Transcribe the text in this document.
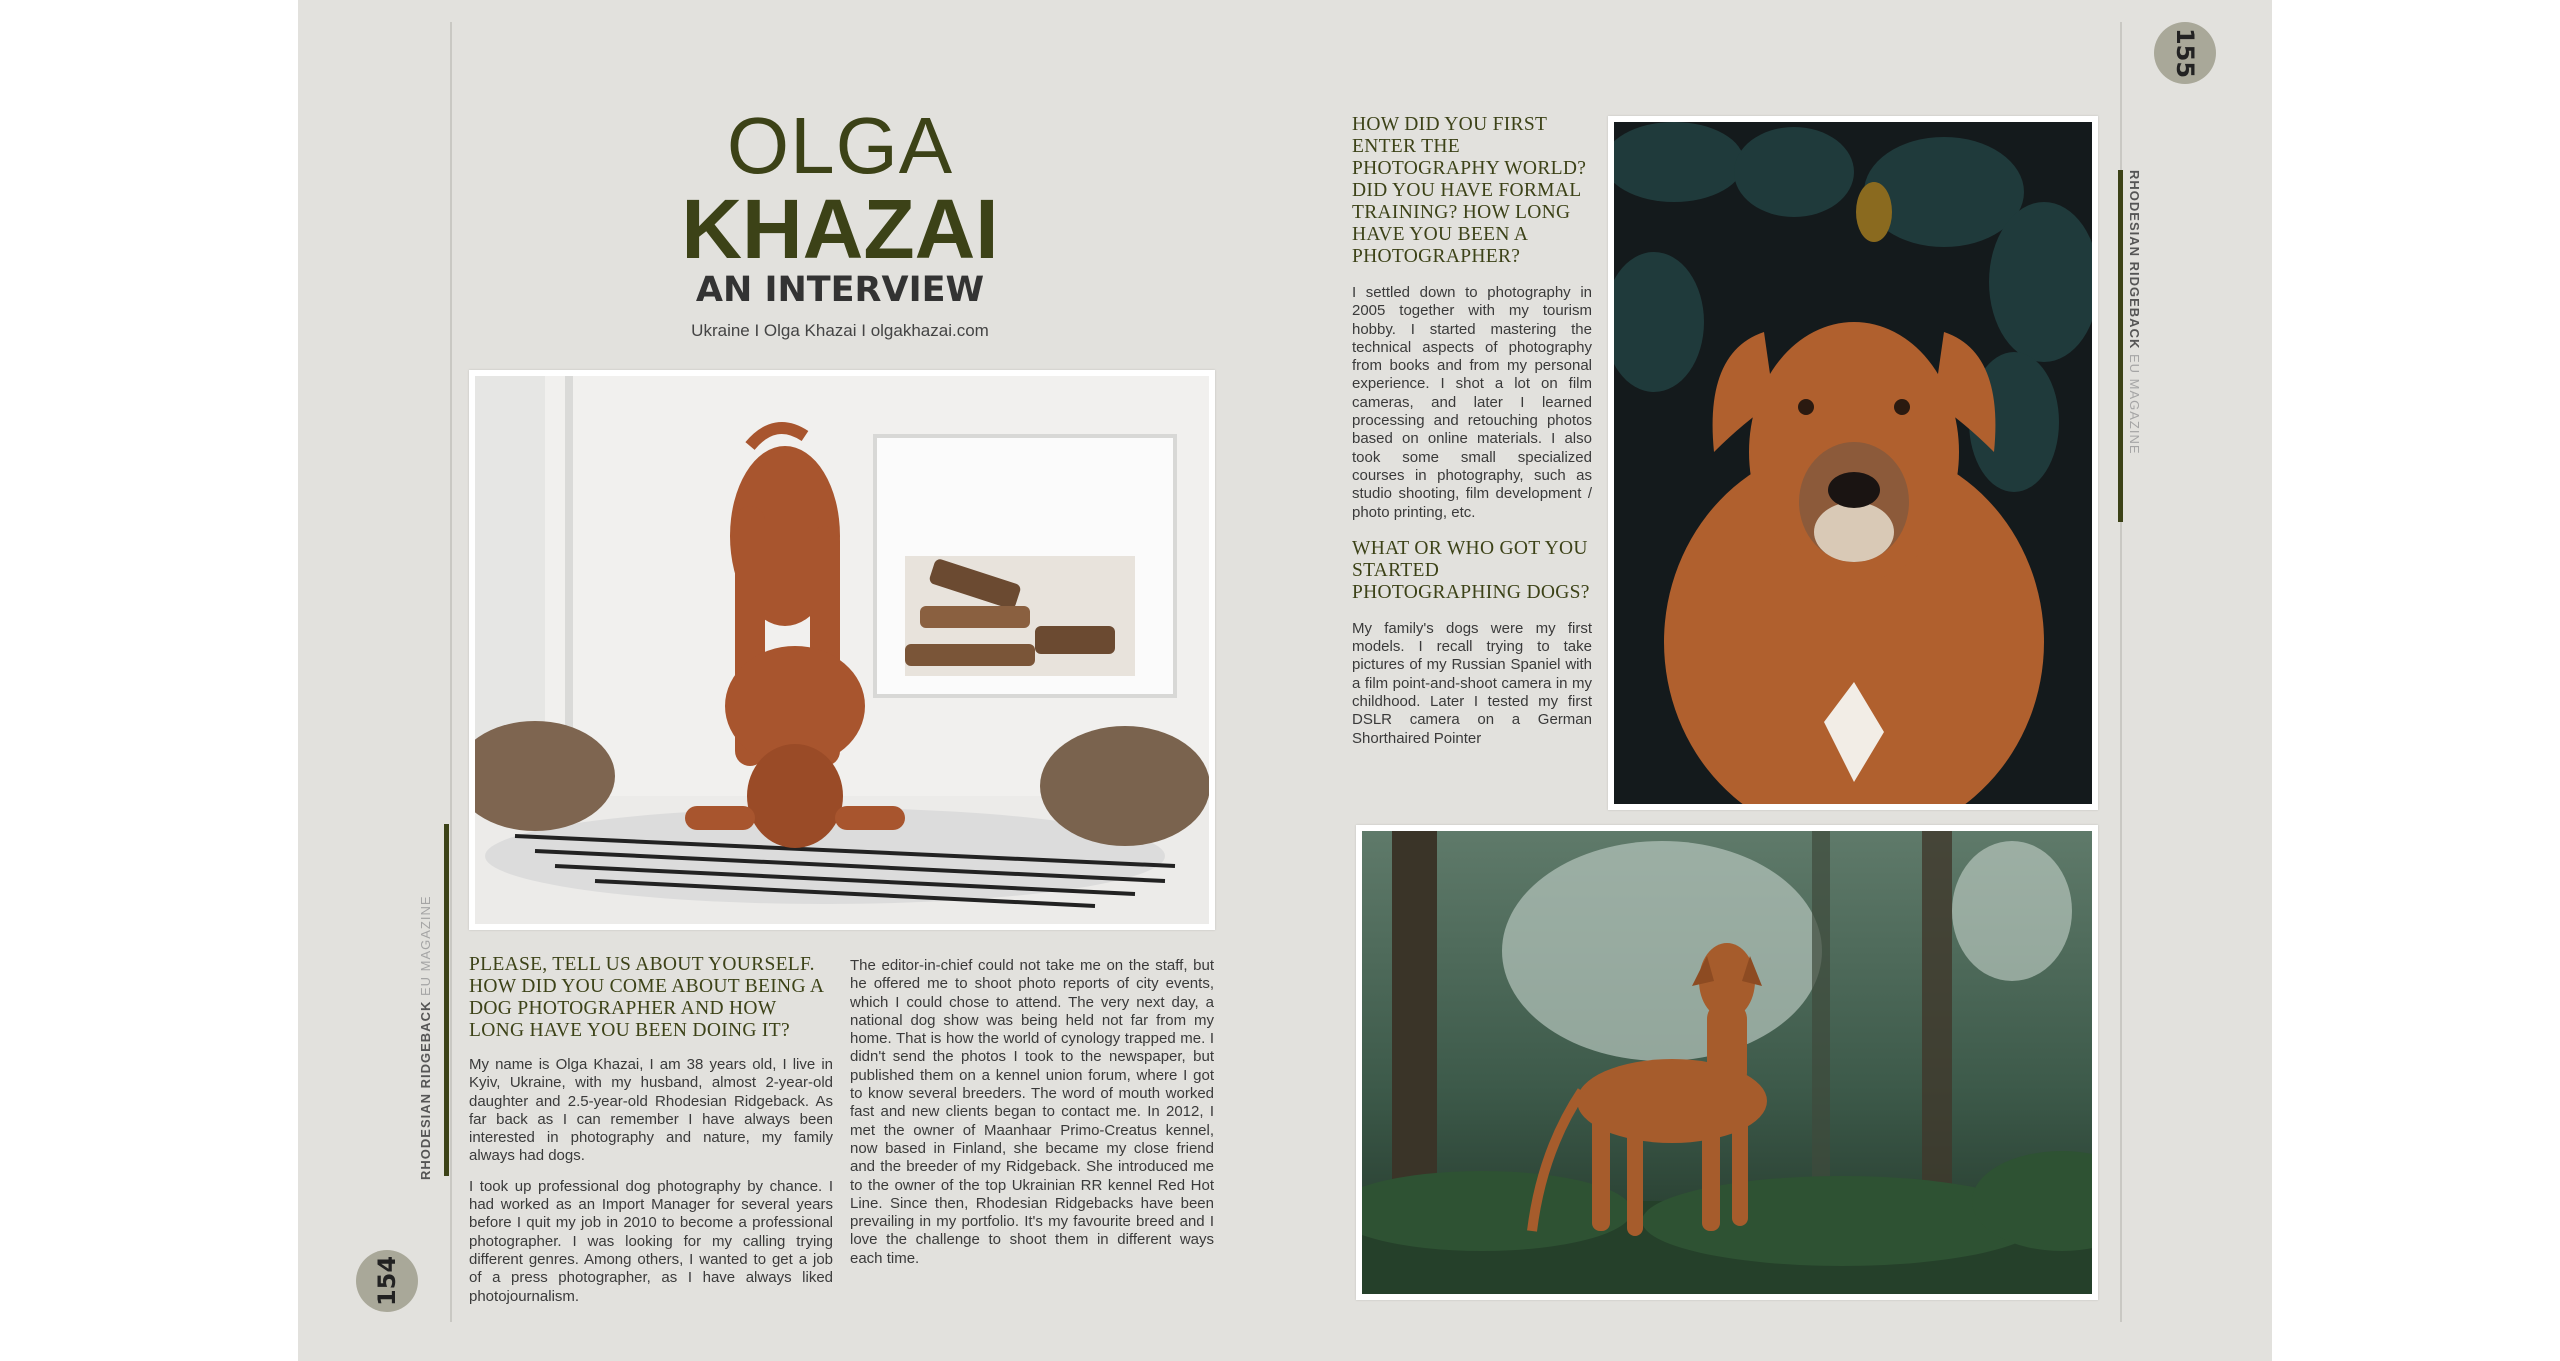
154
155
RHODESIAN RIDGEBACK EU MAGAZINE
RHODESIAN RIDGEBACK EU MAGAZINE
OLGA
KHAZAI
AN INTERVIEW
Ukraine I Olga Khazai I olgakhazai.com
PLEASE, TELL US ABOUT YOURSELF. HOW DID YOU COME ABOUT BEING A DOG PHOTOGRAPHER AND HOW LONG HAVE YOU BEEN DOING IT?

My name is Olga Khazai, I am 38 years old, I live in Kyiv, Ukraine, with my husband, almost 2-year-old daughter and 2.5-year-old Rhodesian Ridgeback. As far back as I can remember I have always been interested in photography and nature, my family always had dogs.

I took up professional dog photography by chance. I had worked as an Import Manager for several years before I quit my job in 2010 to become a professional photographer. I was looking for my calling trying different genres. Among others, I wanted to get a job of a press photographer, as I have always liked photojournalism.

The editor-in-chief could not take me on the staff, but he offered me to shoot photo reports of city events, which I could chose to attend. The very next day, a national dog show was being held not far from my home. That is how the world of cynology trapped me. I didn't send the photos I took to the newspaper, but published them on a kennel union forum, where I got to know several breeders. The word of mouth worked fast and new clients began to contact me. In 2012, I met the owner of Maanhaar Primo-Creatus kennel, now based in Finland, she became my close friend and the breeder of my Ridgeback. She introduced me to the owner of the top Ukrainian RR kennel Red Hot Line. Since then, Rhodesian Ridgebacks have been prevailing in my portfolio. It's my favourite breed and I love the challenge to shoot them in different ways each time.

HOW DID YOU FIRST ENTER THE PHOTOGRAPHY WORLD? DID YOU HAVE FORMAL TRAINING? HOW LONG HAVE YOU BEEN A PHOTOGRAPHER?

I settled down to photography in 2005 together with my tourism hobby. I started mastering the technical aspects of photography from books and from my personal experience. I shot a lot on film cameras, and later I learned processing and retouching photos based on online materials. I also took some small specialized courses in photography, such as studio shooting, film development / photo printing, etc.

WHAT OR WHO GOT YOU STARTED PHOTOGRAPHING DOGS?

My family's dogs were my first models. I recall trying to take pictures of my Russian Spaniel with a film point-and-shoot camera in my childhood. Later I tested my first DSLR camera on a German Shorthaired Pointer
